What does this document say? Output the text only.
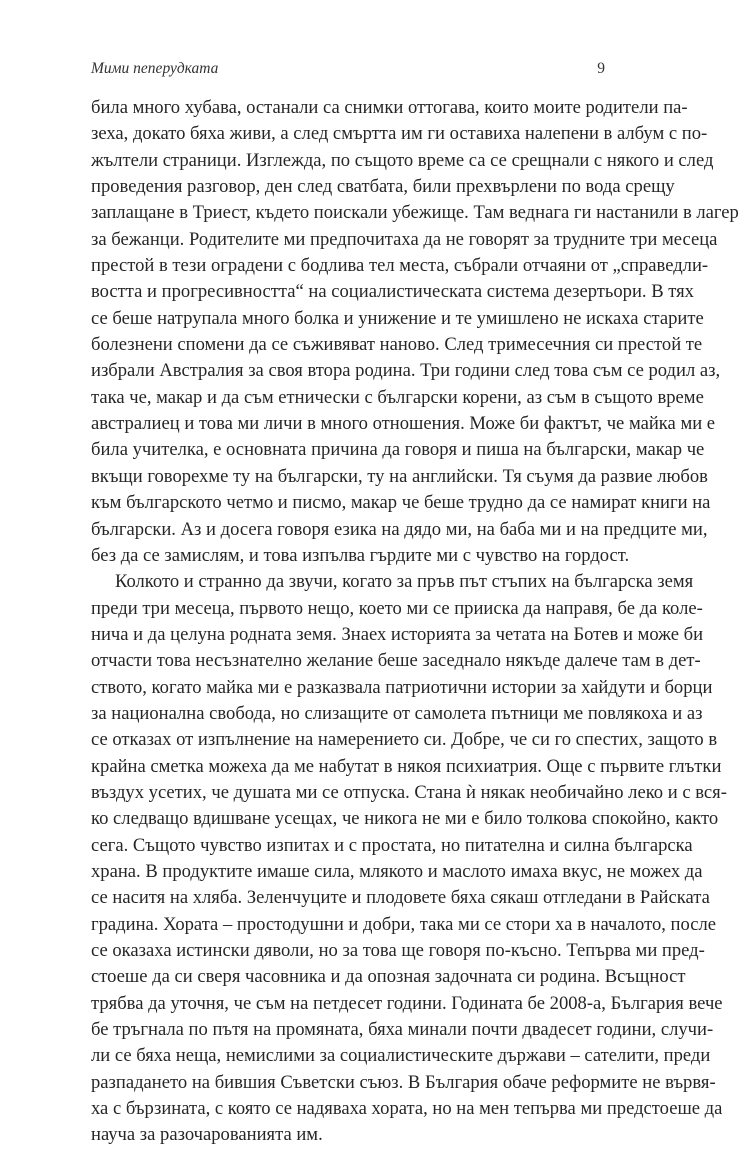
Мими пеперудката	9
била много хубава, останали са снимки оттогава, които моите родители па-
зеха, докато бяха живи, а след смъртта им ги оставиха налепени в албум с по-
жълтели страници. Изглежда, по същото време са се срещнали с някого и след
проведения разговор, ден след сватбата, били прехвърлени по вода срещу
заплащане в Триест, където поискали убежище. Там веднага ги настанили в лагер
за бежанци. Родителите ми предпочитаха да не говорят за трудните три месеца
престой в тези оградени с бодлива тел места, събрали отчаяни от „справедли-
востта и прогресивността“ на социалистическата система дезертьори. В тях
се беше натрупала много болка и унижение и те умишлено не искаха старите
болезнени спомени да се съживяват наново. След тримесечния си престой те
избрали Австралия за своя втора родина. Три години след това съм се родил аз,
така че, макар и да съм етнически с български корени, аз съм в същото време
австралиец и това ми личи в много отношения. Може би фактът, че майка ми е
била учителка, е основната причина да говоря и пиша на български, макар че
вкъщи говорехме ту на български, ту на английски. Тя съумя да развие любов
към българското четмо и писмо, макар че беше трудно да се намират книги на
български. Аз и досега говоря езика на дядо ми, на баба ми и на предците ми,
без да се замислям, и това изпълва гърдите ми с чувство на гордост.
Колкото и странно да звучи, когато за пръв път стъпих на българска земя
преди три месеца, първото нещо, което ми се прииска да направя, бе да коле-
ничa и да целуна родната земя. Знаех историята за четата на Ботев и може би
отчасти това несъзнателно желание беше заседнало някъде далече там в дет-
ството, когато майка ми е разказвала патриотични истории за хайдути и борци
за национална свобода, но слизащите от самолета пътници ме повлякоха и аз
се отказах от изпълнение на намерението си. Добре, че си го спестих, защото в
крайна сметка можеха да ме набутат в някоя психиатрия. Още с първите глътки
въздух усетих, че душата ми се отпуска. Стана ѝ някак необичайно леко и с вся-
ко следващо вдишване усещах, че никога не ми е било толкова спокойно, както
сега. Същото чувство изпитах и с простата, но питателна и силна българска
храна. В продуктите имаше сила, млякото и маслото имаха вкус, не можех да
се наситя на хляба. Зеленчуците и плодовете бяха сякаш отгледани в Райската
градина. Хората – простодушни и добри, така ми се стори ха в началото, после
се оказаха истински дяволи, но за това ще говоря по-късно. Тепърва ми пред-
стоеше да си сверя часовника и да опозная задочната си родина. Всъщност
трябва да уточня, че съм на петдесет години. Годината бе 2008-а, България вече
бе тръгнала по пътя на промяната, бяха минали почти двадесет години, случи-
ли се бяха неща, немислими за социалистическите държави – сателити, преди
разпадането на бившия Съветски съюз. В България обаче реформите не вървя-
ха с бързината, с която се надяваха хората, но на мен тепърва ми предстоеше да
науча за разочарованията им.
